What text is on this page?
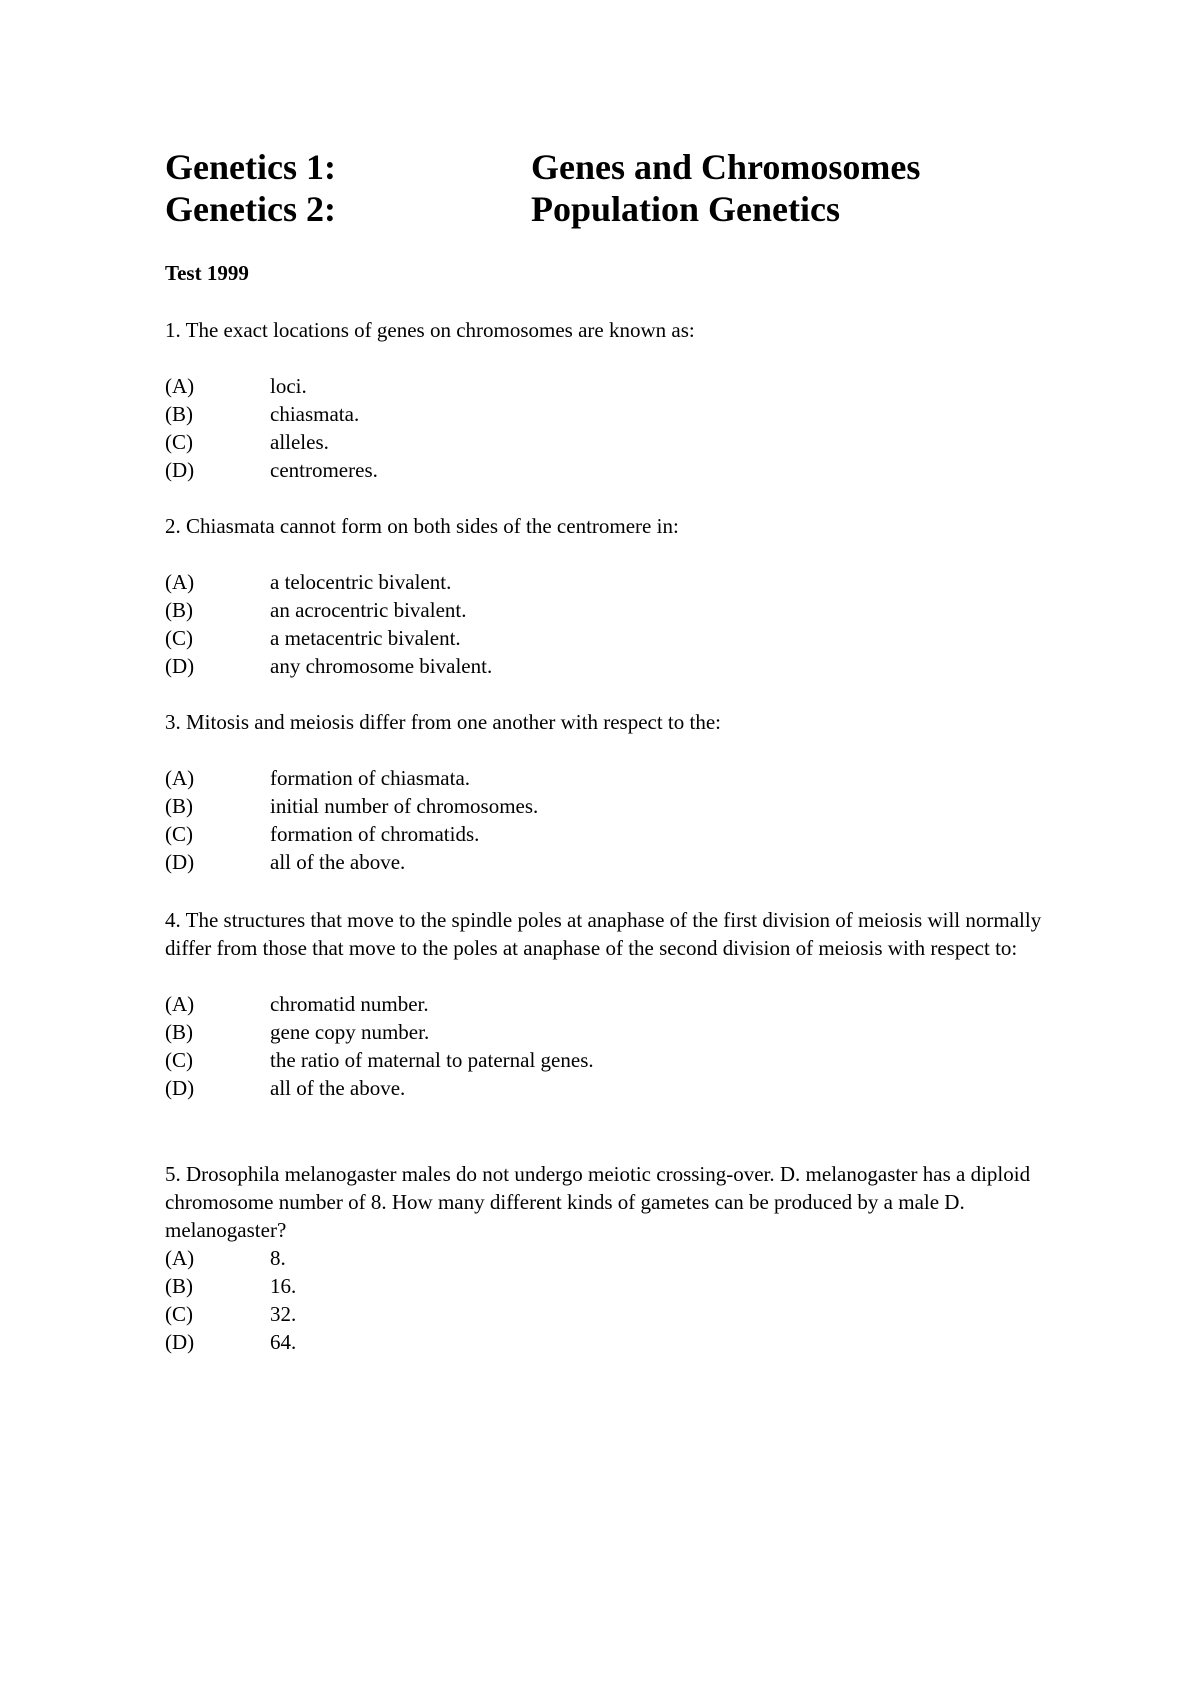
Genetics 1:	Genes and Chromosomes
Genetics 2:	Population Genetics
Test 1999

1. The exact locations of genes on chromosomes are known as:

(A)	loci.
(B)	chiasmata.
(C)	alleles.
(D)	centromeres.

2. Chiasmata cannot form on both sides of the centromere in:

(A)	a telocentric bivalent.
(B)	an acrocentric bivalent.
(C)	a metacentric bivalent.
(D)	any chromosome bivalent.

3. Mitosis and meiosis differ from one another with respect to the:

(A)	formation of chiasmata.
(B)	initial number of chromosomes.
(C)	formation of chromatids.
(D)	all of the above.

4. The structures that move to the spindle poles at anaphase of the first division of meiosis will normally differ from those that move to the poles at anaphase of the second division of meiosis with respect to:

(A)	chromatid number.
(B)	gene copy number.
(C)	the ratio of maternal to paternal genes.
(D)	all of the above.

5. Drosophila melanogaster males do not undergo meiotic crossing-over. D. melanogaster has a diploid chromosome number of 8. How many different kinds of gametes can be produced by a male D. melanogaster?

(A)	8.
(B)	16.
(C)	32.
(D)	64.
